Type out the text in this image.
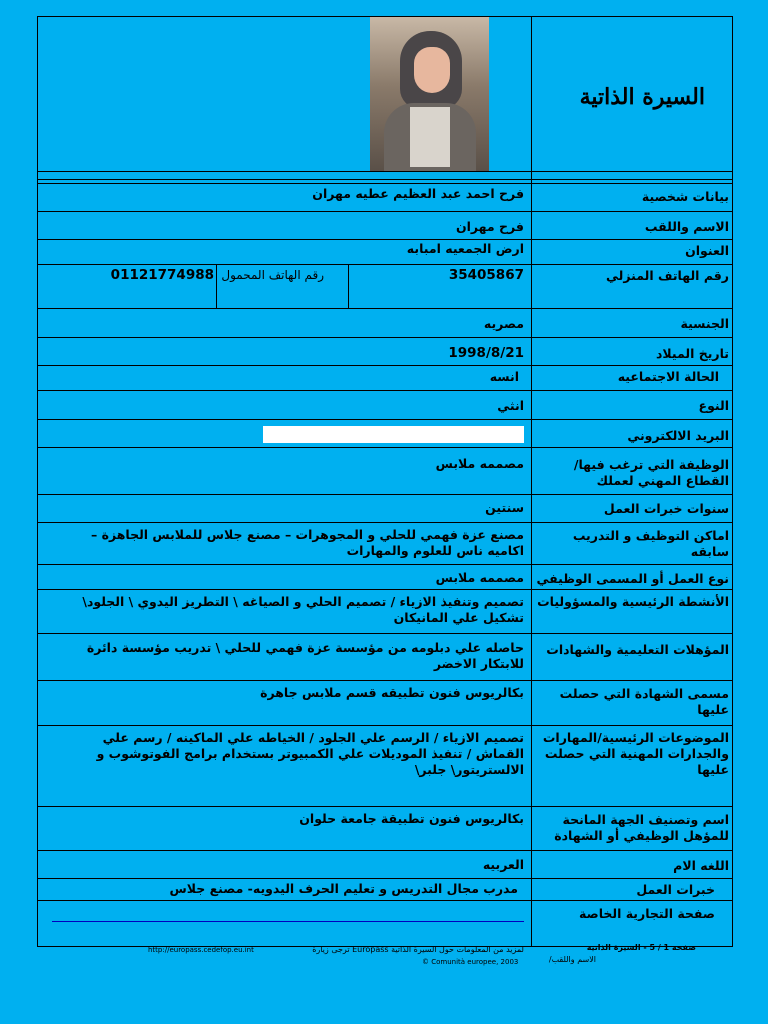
السيرة الذاتية
بيانات شخصية
فرح احمد عبد العظيم عطيه مهران
الاسم واللقب
فرح مهران
العنوان
ارض الجمعيه امبابه
رقم الهاتف المنزلي
35405867
رقم الهاتف المحمول
01121774988
الجنسية
مصريه
تاريخ الميلاد
1998/8/21
الحالة الاجتماعيه
انسه
النوع
انثي
البريد الالكتروني
الوظيفة التي ترغب فيها/القطاع المهني لعملك
مصممه ملابس
سنوات خبرات العمل
سنتين
اماكن التوظيف و التدريب سابقه
مصنع عزة فهمي للحلي و المجوهرات – مصنع جلاس للملابس الجاهزة – اكاميه ناس للعلوم والمهارات
نوع العمل أو المسمى الوظيفي
مصممه ملابس
الأنشطة الرئيسية والمسؤوليات
تصميم وتنفيذ الازياء / تصميم الحلي و الصياغه \ التطريز اليدوي \ الجلود\ تشكيل علي المانيكان
المؤهلات التعليمية والشهادات
حاصله علي دبلومه من مؤسسة عزة فهمي للحلي \ تدريب مؤسسة دائرة للابتكار الاخضر
مسمى الشهادة التي حصلت عليها
بكالريوس فنون تطبيقه قسم ملابس جاهرة
الموضوعات الرئيسية/المهارات والجدارات المهنية التي حصلت عليها
تصميم الازياء / الرسم علي الجلود / الخياطه علي الماكينه / رسم علي القماش / تنفيذ الموديلات علي الكمبيوتر بستخدام برامج الفوتوشوب و الالستريتور\ جلبر\
اسم وتصنيف الجهة المانحة للمؤهل الوظيفي أو الشهادة
بكالريوس فنون تطبيقة جامعة حلوان
اللغه الام
العربيه
خبرات العمل
مدرب مجال التدريس و تعليم الحرف اليدويه- مصنع جلاس
صفحة التجارية الخاصة
صفحة 1 / 5 - السيرة الذاتية
الاسم واللقب/
لمزيد من المعلومات حول السيرة الذاتية Europass ترجى زيارة
http://europass.cedefop.eu.int
© Comunità europee, 2003
